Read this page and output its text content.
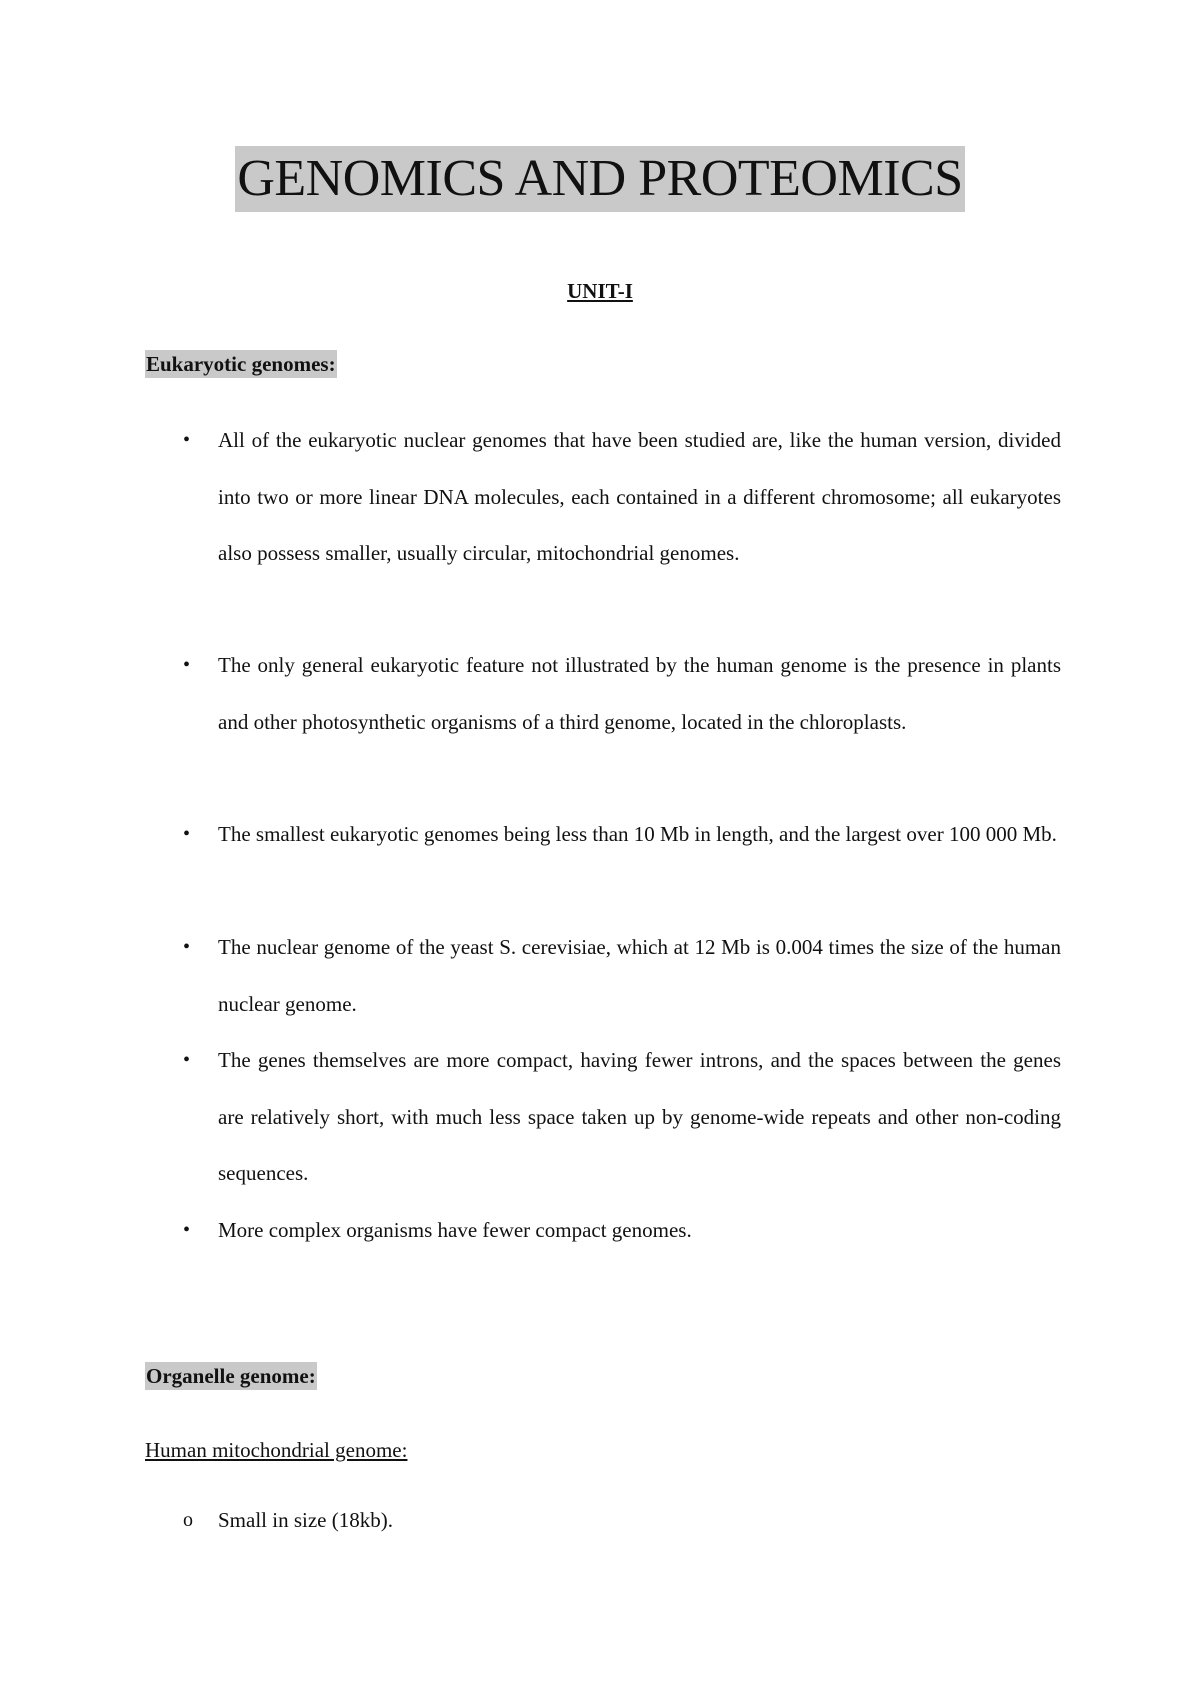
GENOMICS AND PROTEOMICS
UNIT-I
Eukaryotic genomes:
• All of the eukaryotic nuclear genomes that have been studied are, like the human version, divided into two or more linear DNA molecules, each contained in a different chromosome; all eukaryotes also possess smaller, usually circular, mitochondrial genomes.
• The only general eukaryotic feature not illustrated by the human genome is the presence in plants and other photosynthetic organisms of a third genome, located in the chloroplasts.
• The smallest eukaryotic genomes being less than 10 Mb in length, and the largest over 100 000 Mb.
• The nuclear genome of the yeast S. cerevisiae, which at 12 Mb is 0.004 times the size of the human nuclear genome.
• The genes themselves are more compact, having fewer introns, and the spaces between the genes are relatively short, with much less space taken up by genome-wide repeats and other non-coding sequences.
• More complex organisms have fewer compact genomes.
Organelle genome:
Human mitochondrial genome:
o Small in size (18kb).
